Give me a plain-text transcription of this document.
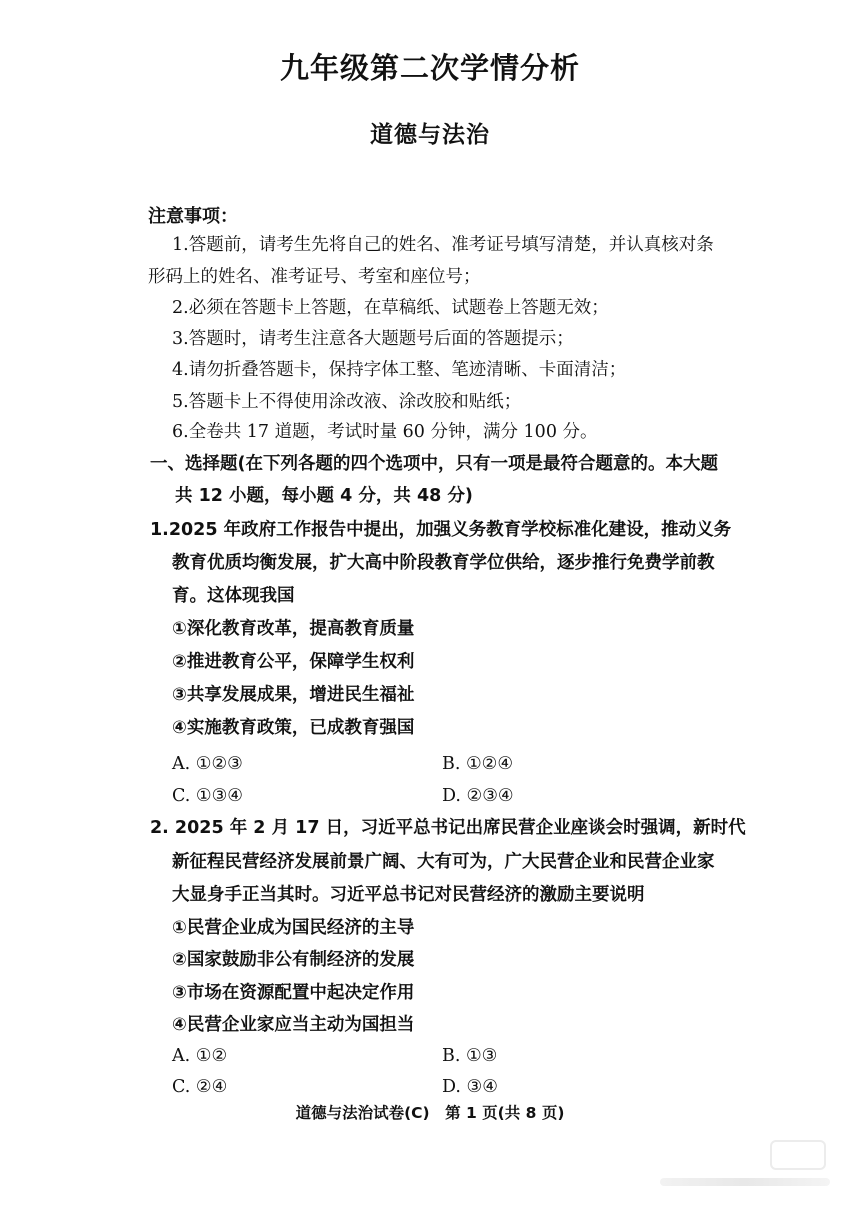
九年级第二次学情分析
道德与法治
注意事项：
1.答题前，请考生先将自己的姓名、准考证号填写清楚，并认真核对条
形码上的姓名、准考证号、考室和座位号；
2.必须在答题卡上答题，在草稿纸、试题卷上答题无效；
3.答题时，请考生注意各大题题号后面的答题提示；
4.请勿折叠答题卡，保持字体工整、笔迹清晰、卡面清洁；
5.答题卡上不得使用涂改液、涂改胶和贴纸；
6.全卷共 17 道题，考试时量 60 分钟，满分 100 分。
一、选择题(在下列各题的四个选项中，只有一项是最符合题意的。本大题
共 12 小题，每小题 4 分，共 48 分)
1.2025 年政府工作报告中提出，加强义务教育学校标准化建设，推动义务
教育优质均衡发展，扩大高中阶段教育学位供给，逐步推行免费学前教
育。这体现我国
①深化教育改革，提高教育质量
②推进教育公平，保障学生权利
③共享发展成果，增进民生福祉
④实施教育政策，已成教育强国
A. ①②③	B. ①②④
C. ①③④	D. ②③④
2. 2025 年 2 月 17 日，习近平总书记出席民营企业座谈会时强调，新时代
新征程民营经济发展前景广阔、大有可为，广大民营企业和民营企业家
大显身手正当其时。习近平总书记对民营经济的激励主要说明
①民营企业成为国民经济的主导
②国家鼓励非公有制经济的发展
③市场在资源配置中起决定作用
④民营企业家应当主动为国担当
A. ①②	B. ①③
C. ②④	D. ③④
道德与法治试卷(C)　第 1 页(共 8 页)
